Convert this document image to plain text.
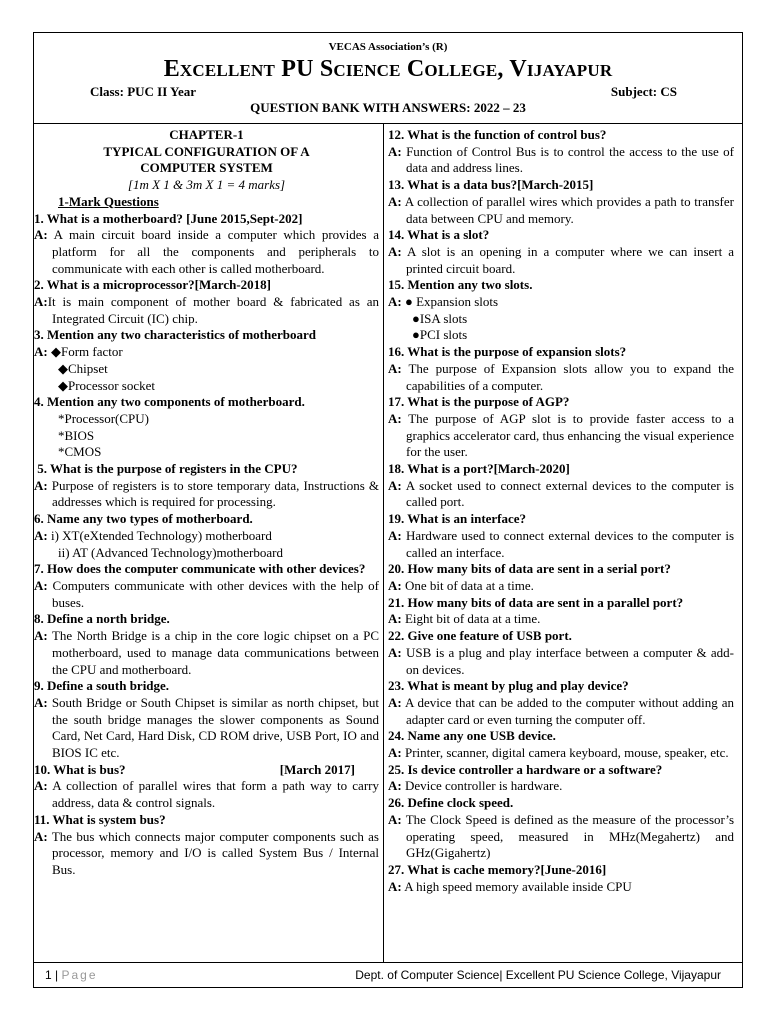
VECAS Association’s (R)
Excellent PU Science College, Vijayapur
Class: PUC II Year	Subject: CS
QUESTION BANK WITH ANSWERS: 2022 – 23
CHAPTER-1
TYPICAL CONFIGURATION OF A
COMPUTER SYSTEM
[1m X 1 & 3m X 1 = 4 marks]
1-Mark Questions
1. What is a motherboard? [June 2015,Sept-202]
A: A main circuit board inside a computer which provides a platform for all the components and peripherals to communicate with each other is called motherboard.
2. What is a microprocessor?[March-2018]
A:It is main component of mother board & fabricated as an Integrated Circuit (IC) chip.
3. Mention any two characteristics of motherboard
A: ◆Form factor
◆Chipset
◆Processor socket
4. Mention any two components of motherboard.
*Processor(CPU)
*BIOS
*CMOS
5. What is the purpose of registers in the CPU?
A: Purpose of registers is to store temporary data, Instructions & addresses which is required for processing.
6. Name any two types of motherboard.
A: i) XT(eXtended Technology) motherboard
ii) AT (Advanced Technology)motherboard
7. How does the computer communicate with other devices?
A: Computers communicate with other devices with the help of buses.
8. Define a north bridge.
A: The North Bridge is a chip in the core logic chipset on a PC motherboard, used to manage data communications between the CPU and motherboard.
9. Define a south bridge.
A: South Bridge or South Chipset is similar as north chipset, but the south bridge manages the slower components as Sound Card, Net Card, Hard Disk, CD ROM drive, USB Port, IO and BIOS IC etc.
10. What is bus?	[March 2017]
A: A collection of parallel wires that form a path way to carry address, data & control signals.
11. What is system bus?
A: The bus which connects major computer components such as processor, memory and I/O is called System Bus / Internal Bus.
12. What is the function of control bus?
A: Function of Control Bus is to control the access to the use of data and address lines.
13. What is a data bus?[March-2015]
A: A collection of parallel wires which provides a path to transfer data between CPU and memory.
14. What is a slot?
A: A slot is an opening in a computer where we can insert a printed circuit board.
15. Mention any two slots.
A: ● Expansion slots
●ISA slots
●PCI slots
16. What is the purpose of expansion slots?
A: The purpose of Expansion slots allow you to expand the capabilities of a computer.
17. What is the purpose of AGP?
A: The purpose of AGP slot is to provide faster access to a graphics accelerator card, thus enhancing the visual experience for the user.
18. What is a port?[March-2020]
A: A socket used to connect external devices to the computer is called port.
19. What is an interface?
A: Hardware used to connect external devices to the computer is called an interface.
20. How many bits of data are sent in a serial port?
A: One bit of data at a time.
21. How many bits of data are sent in a parallel port?
A: Eight bit of data at a time.
22. Give one feature of USB port.
A: USB is a plug and play interface between a computer & add-on devices.
23. What is meant by plug and play device?
A: A device that can be added to the computer without adding an adapter card or even turning the computer off.
24. Name any one USB device.
A: Printer, scanner, digital camera keyboard, mouse, speaker, etc.
25. Is device controller a hardware or a software?
A: Device controller is hardware.
26. Define clock speed.
A: The Clock Speed is defined as the measure of the processor’s operating speed, measured in MHz(Megahertz) and GHz(Gigahertz)
27. What is cache memory?[June-2016]
A: A high speed memory available inside CPU
1 | Page	Dept. of Computer Science| Excellent PU Science College, Vijayapur
